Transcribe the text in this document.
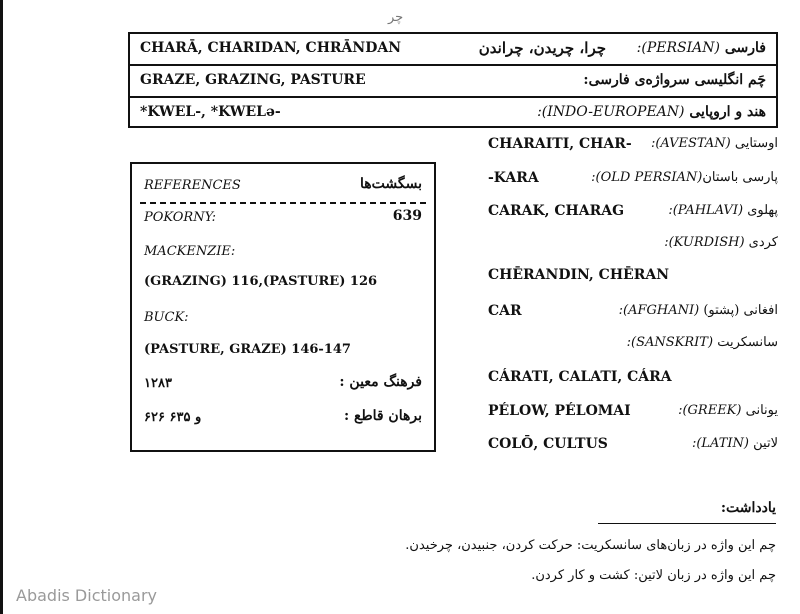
چر
CHARĀ, CHARIDAN, CHRĀNDAN	چرا، چریدن، چراندن	فارسی (PERSIAN):
GRAZE, GRAZING, PASTURE	چَم انگلیسی سرواژه‌ی فارسی:
*KWEL-, *KWELə-	هند و اروپایی (INDO-EUROPEAN):
REFERENCES	بسگشت‌ها
POKORNY:	639
MACKENZIE:
(GRAZING) 116,(PASTURE) 126
BUCK:
(PASTURE, GRAZE) 146-147
۱۲۸۳	فرهنگ معین :
۶۲۶ و ۶۳۵	برهان قاطع :
CHARAITI, CHAR-	اوستایی (AVESTAN):
-KARA	پارسی باستان(OLD PERSIAN):
CARAK, CHARAG	پهلوی (PAHLAVI):
کردی (KURDISH):
CHĒRANDIN, CHĒRAN
CAR	افغانی (پشتو) (AFGHANI):
سانسکریت (SANSKRIT):
CÁRATI, CALATI, CÁRA
PÉLOW, PÉLOMAI	یونانی (GREEK):
COLŌ, CULTUS	لاتین (LATIN):
یادداشت:
چم این واژه در زبان‌های سانسکریت: حرکت کردن، جنبیدن، چرخیدن.
چم این واژه در زبان لاتین: کشت و کار کردن.
Abadis Dictionary
